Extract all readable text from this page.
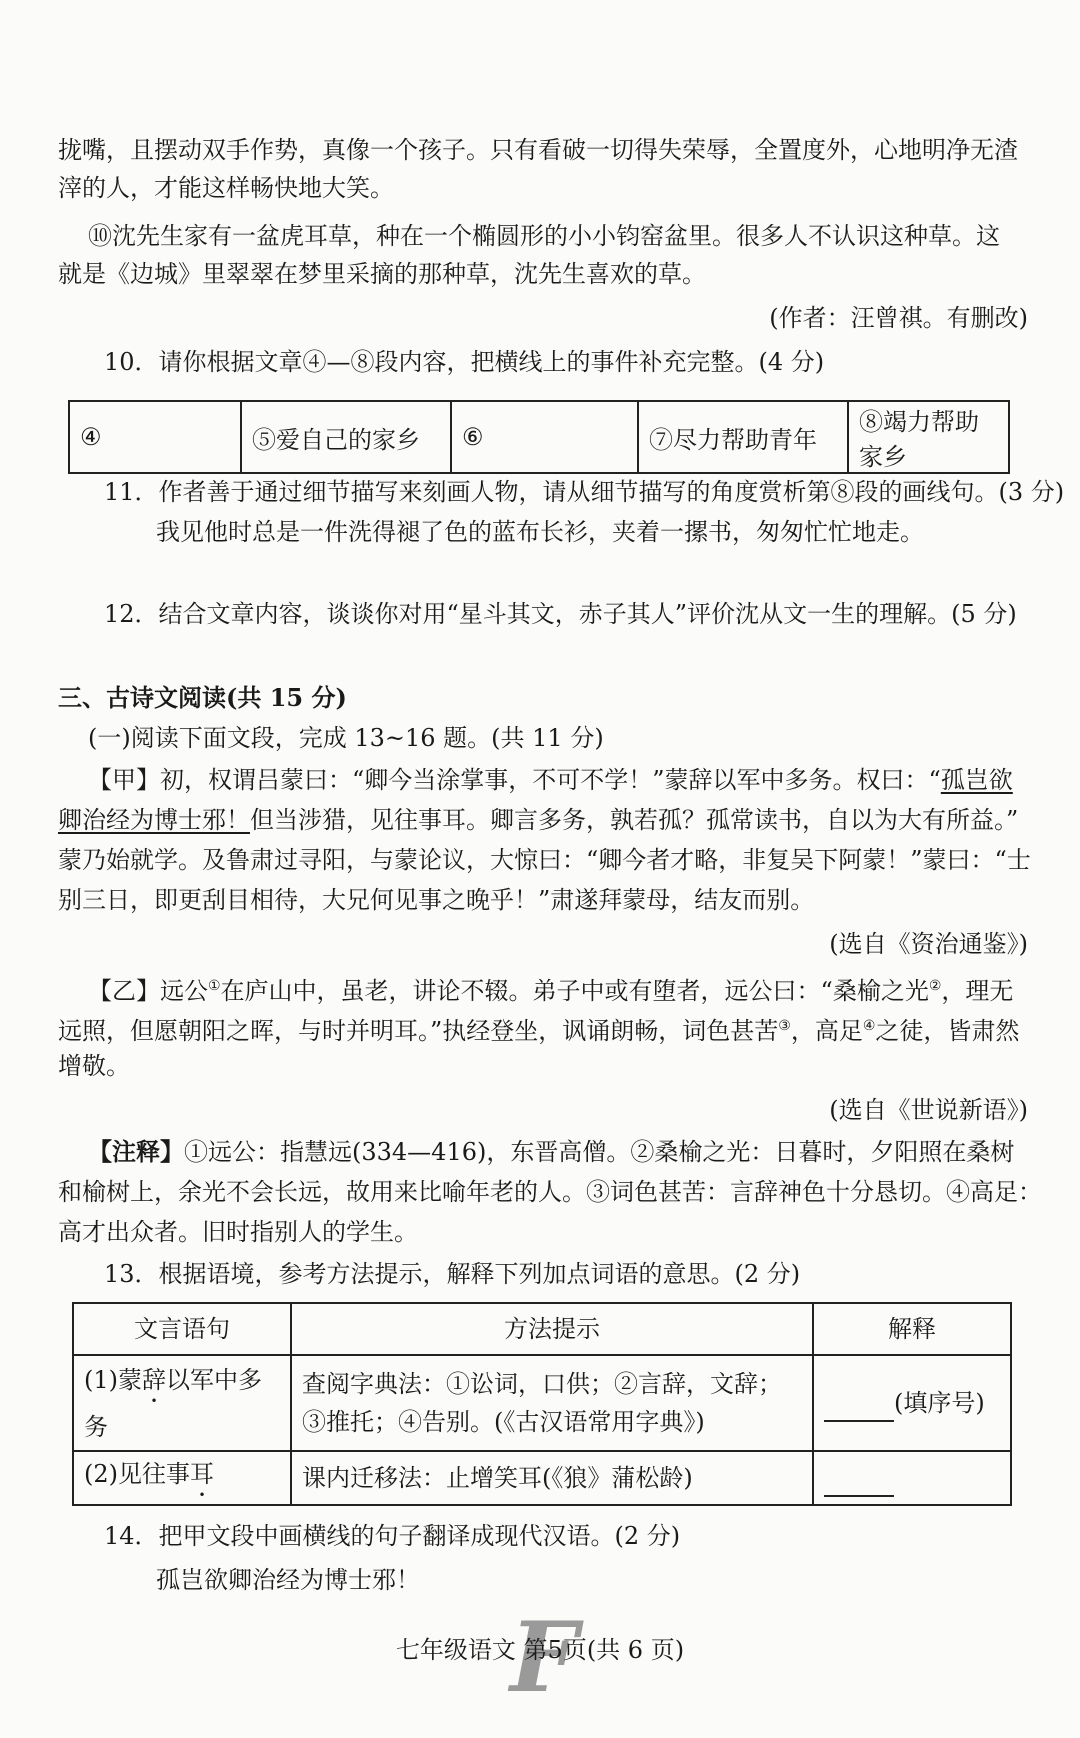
拢嘴，且摆动双手作势，真像一个孩子。只有看破一切得失荣辱，全置度外，心地明净无渣
滓的人，才能这样畅快地大笑。
⑩沈先生家有一盆虎耳草，种在一个椭圆形的小小钧窑盆里。很多人不认识这种草。这
就是《边城》里翠翠在梦里采摘的那种草，沈先生喜欢的草。
(作者：汪曾祺。有删改)
10．请你根据文章④—⑧段内容，把横线上的事件补充完整。(4 分)
④	⑤爱自己的家乡	⑥	⑦尽力帮助青年	⑧竭力帮助家乡
11．作者善于通过细节描写来刻画人物，请从细节描写的角度赏析第⑧段的画线句。(3 分)
我见他时总是一件洗得褪了色的蓝布长衫，夹着一摞书，匆匆忙忙地走。
12．结合文章内容，谈谈你对用“星斗其文，赤子其人”评价沈从文一生的理解。(5 分)
三、古诗文阅读(共 15 分)
(一)阅读下面文段，完成 13~16 题。(共 11 分)
【甲】初，权谓吕蒙曰：“卿今当涂掌事，不可不学！”蒙辞以军中多务。权曰：“孤岂欲
卿治经为博士邪！但当涉猎，见往事耳。卿言多务，孰若孤？孤常读书，自以为大有所益。”
蒙乃始就学。及鲁肃过寻阳，与蒙论议，大惊曰：“卿今者才略，非复吴下阿蒙！”蒙曰：“士
别三日，即更刮目相待，大兄何见事之晚乎！”肃遂拜蒙母，结友而别。
(选自《资治通鉴》)
【乙】远公①在庐山中，虽老，讲论不辍。弟子中或有堕者，远公曰：“桑榆之光②，理无
远照，但愿朝阳之晖，与时并明耳。”执经登坐，讽诵朗畅，词色甚苦③，高足④之徒，皆肃然
增敬。
(选自《世说新语》)
【注释】①远公：指慧远(334—416)，东晋高僧。②桑榆之光：日暮时，夕阳照在桑树
和榆树上，余光不会长远，故用来比喻年老的人。③词色甚苦：言辞神色十分恳切。④高足：
高才出众者。旧时指别人的学生。
13．根据语境，参考方法提示，解释下列加点词语的意思。(2 分)
文言语句	方法提示	解释
(1)蒙辞以军中多务	查阅字典法：①讼词，口供；②言辞，文辞；
③推托；④告别。(《古汉语常用字典》)	(填序号)
(2)见往事耳	课内迁移法：止增笑耳(《狼》蒲松龄)	
14．把甲文段中画横线的句子翻译成现代汉语。(2 分)
孤岂欲卿治经为博士邪！
F
七年级语文 第5页(共 6 页)
